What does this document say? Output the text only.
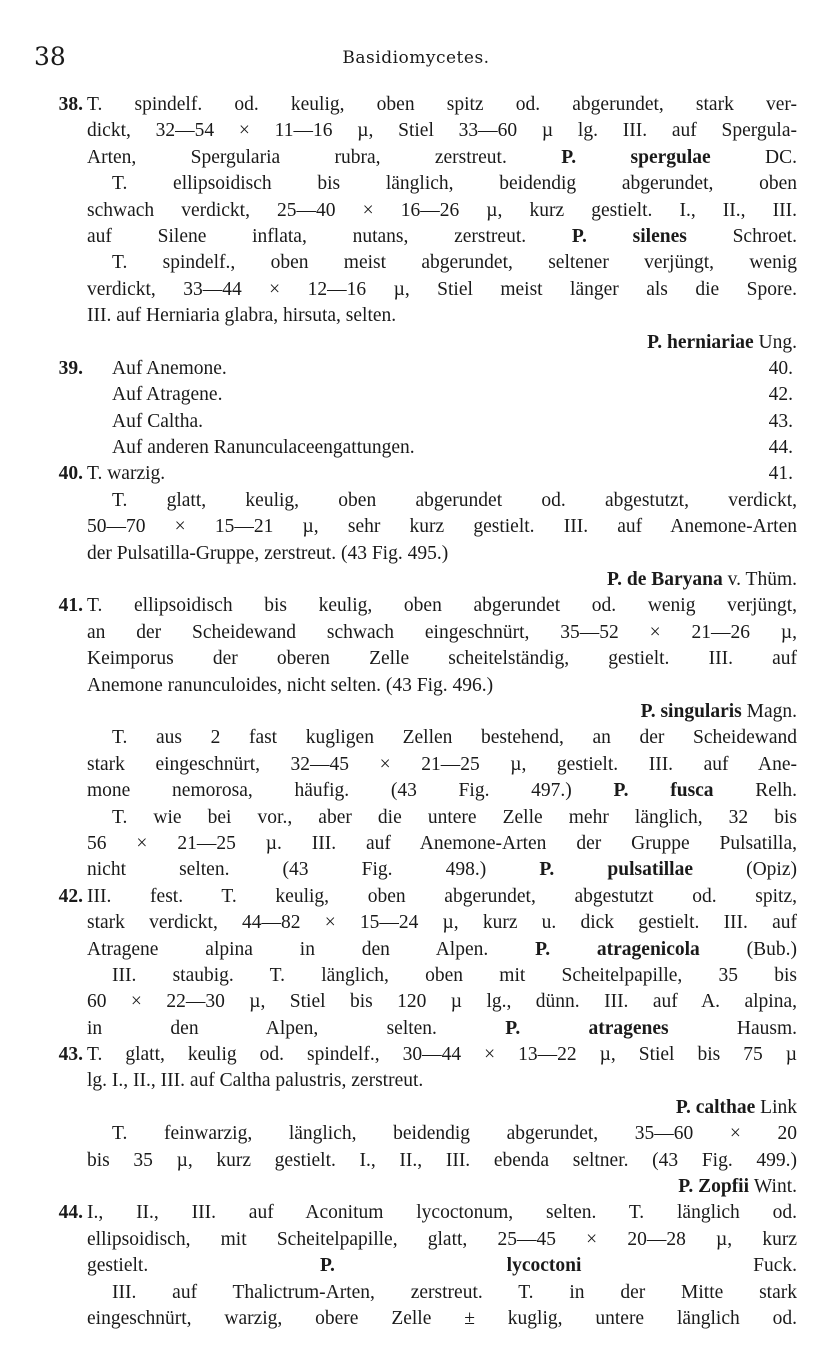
38	Basidiomycetes.
38. T. spindelf. od. keulig, oben spitz od. abgerundet, stark ver-
dickt, 32—54 × 11—16 µ, Stiel 33—60 µ lg. III. auf Spergula-
Arten, Spergularia rubra, zerstreut.	P. spergulae	DC.
T. ellipsoidisch bis länglich, beidendig abgerundet, oben
schwach verdickt, 25—40 × 16—26 µ, kurz gestielt. I., II., III.
auf Silene inflata, nutans, zerstreut. P. silenes Schroet.
T. spindelf., oben meist abgerundet, seltener verjüngt, wenig
verdickt, 33—44 × 12—16 µ, Stiel meist länger als die Spore.
III. auf Herniaria glabra, hirsuta, selten.
P. herniariae Ung.
39. Auf Anemone.	40.
Auf Atragene.	42.
Auf Caltha.	43.
Auf anderen Ranunculaceengattungen.	44.
40. T. warzig.	41.
T. glatt, keulig, oben abgerundet od. abgestutzt, verdickt,
50—70 × 15—21 µ, sehr kurz gestielt. III. auf Anemone-Arten
der Pulsatilla-Gruppe, zerstreut. (43 Fig. 495.)
P. de Baryana v. Thüm.
41. T. ellipsoidisch bis keulig, oben abgerundet od. wenig verjüngt,
an der Scheidewand schwach eingeschnürt, 35—52 × 21—26 µ,
Keimporus der oberen Zelle scheitelständig, gestielt. III. auf
Anemone ranunculoides, nicht selten. (43 Fig. 496.)
P. singularis Magn.
T. aus 2 fast kugligen Zellen bestehend, an der Scheidewand
stark eingeschnürt, 32—45 × 21—25 µ, gestielt. III. auf Ane-
mone nemorosa, häufig. (43 Fig. 497.) P. fusca Relh.
T. wie bei vor., aber die untere Zelle mehr länglich, 32 bis
56 × 21—25 µ. III. auf Anemone-Arten der Gruppe Pulsatilla,
nicht selten. (43 Fig. 498.)	P. pulsatillae	(Opiz)
42. III. fest. T. keulig, oben abgerundet, abgestutzt od. spitz,
stark verdickt, 44—82 × 15—24 µ, kurz u. dick gestielt. III. auf
Atragene alpina in den Alpen. P. atragenicola (Bub.)
III. staubig. T. länglich, oben mit Scheitelpapille, 35 bis
60 × 22—30 µ, Stiel bis 120 µ lg., dünn. III. auf A. alpina,
in den Alpen, selten.	P. atragenes	Hausm.
43. T. glatt, keulig od. spindelf., 30—44 × 13—22 µ, Stiel bis 75 µ
lg. I., II., III. auf Caltha palustris, zerstreut.
P. calthae Link
T. feinwarzig, länglich, beidendig abgerundet, 35—60 × 20
bis 35 µ, kurz gestielt. I., II., III. ebenda seltner. (43 Fig. 499.)
P. Zopfii Wint.
44. I., II., III. auf Aconitum lycoctonum, selten. T. länglich od.
ellipsoidisch, mit Scheitelpapille, glatt, 25—45 × 20—28 µ, kurz
gestielt.	P. lycoctoni	Fuck.
III. auf Thalictrum-Arten, zerstreut. T. in der Mitte stark
eingeschnürt, warzig, obere Zelle ± kuglig, untere länglich od.
